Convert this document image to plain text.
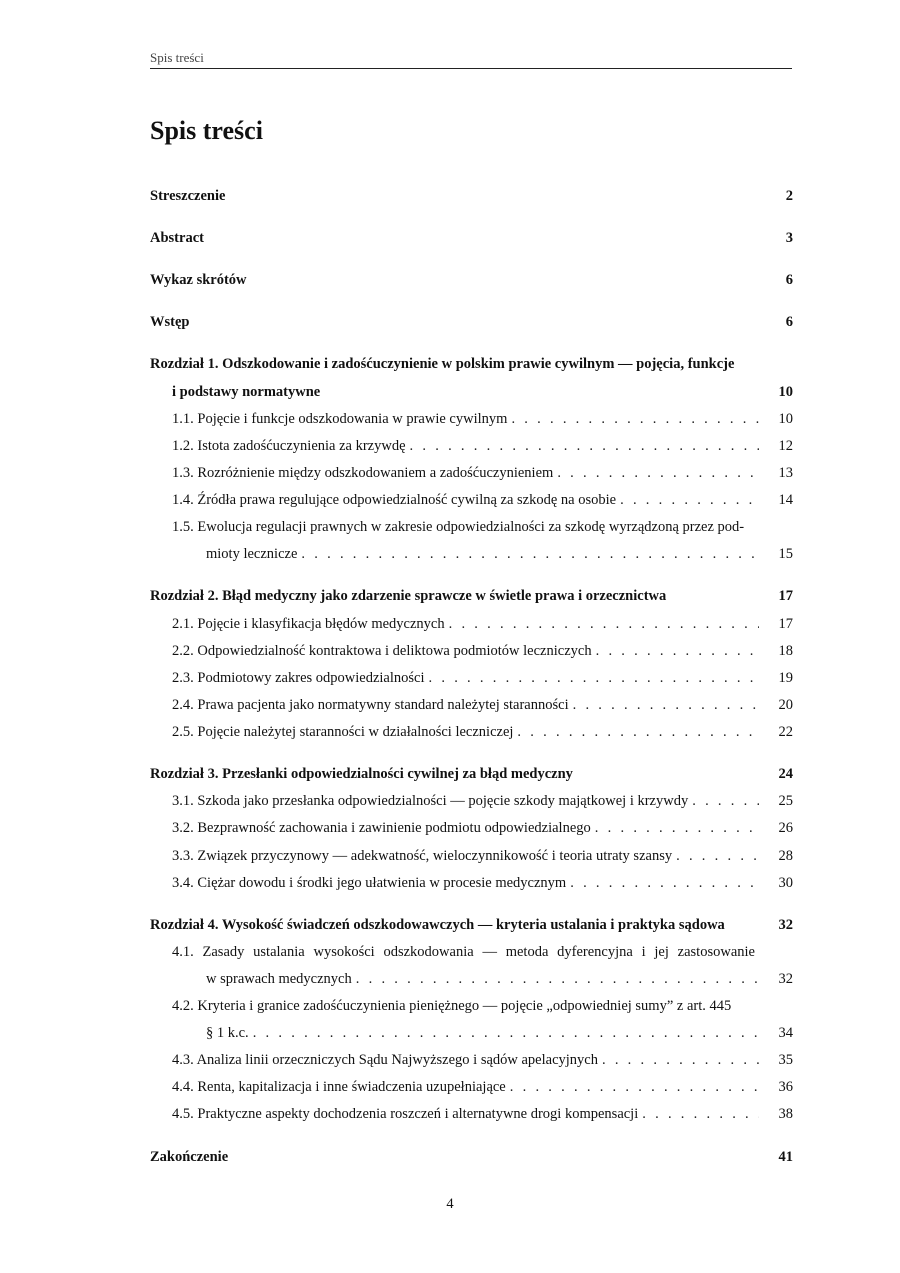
Spis treści
Spis treści
Streszczenie	2
Abstract	3
Wykaz skrótów	6
Wstęp	6
Rozdział 1. Odszkodowanie i zadośćuczynienie w polskim prawie cywilnym — pojęcia, funkcje
i podstawy normatywne	10
1.1. Pojęcie i funkcje odszkodowania w prawie cywilnym . . .	10
1.2. Istota zadośćuczynienia za krzywdę . . .	12
1.3. Rozróżnienie między odszkodowaniem a zadośćuczynieniem . . .	13
1.4. Źródła prawa regulujące odpowiedzialność cywilną za szkodę na osobie . . .	14
1.5. Ewolucja regulacji prawnych w zakresie odpowiedzialności za szkodę wyrządzoną przez pod-
mioty lecznicze . . .	15
Rozdział 2. Błąd medyczny jako zdarzenie sprawcze w świetle prawa i orzecznictwa	17
2.1. Pojęcie i klasyfikacja błędów medycznych . . .	17
2.2. Odpowiedzialność kontraktowa i deliktowa podmiotów leczniczych . . .	18
2.3. Podmiotowy zakres odpowiedzialności . . .	19
2.4. Prawa pacjenta jako normatywny standard należytej staranności . . .	20
2.5. Pojęcie należytej staranności w działalności leczniczej . . .	22
Rozdział 3. Przesłanki odpowiedzialności cywilnej za błąd medyczny	24
3.1. Szkoda jako przesłanka odpowiedzialności — pojęcie szkody majątkowej i krzywdy . . .	25
3.2. Bezprawność zachowania i zawinienie podmiotu odpowiedzialnego . . .	26
3.3. Związek przyczynowy — adekwatność, wieloczynnikowość i teoria utraty szansy . . .	28
3.4. Ciężar dowodu i środki jego ułatwienia w procesie medycznym . . .	30
Rozdział 4. Wysokość świadczeń odszkodowawczych — kryteria ustalania i praktyka sądowa	32
4.1. Zasady ustalania wysokości odszkodowania — metoda dyferencyjna i jej zastosowanie
w sprawach medycznych . . .	32
4.2. Kryteria i granice zadośćuczynienia pieniężnego — pojęcie „odpowiedniej sumy” z art. 445
§ 1 k.c. . . .	34
4.3. Analiza linii orzeczniczych Sądu Najwyższego i sądów apelacyjnych . . .	35
4.4. Renta, kapitalizacja i inne świadczenia uzupełniające . . .	36
4.5. Praktyczne aspekty dochodzenia roszczeń i alternatywne drogi kompensacji . . .	38
Zakończenie	41
4
